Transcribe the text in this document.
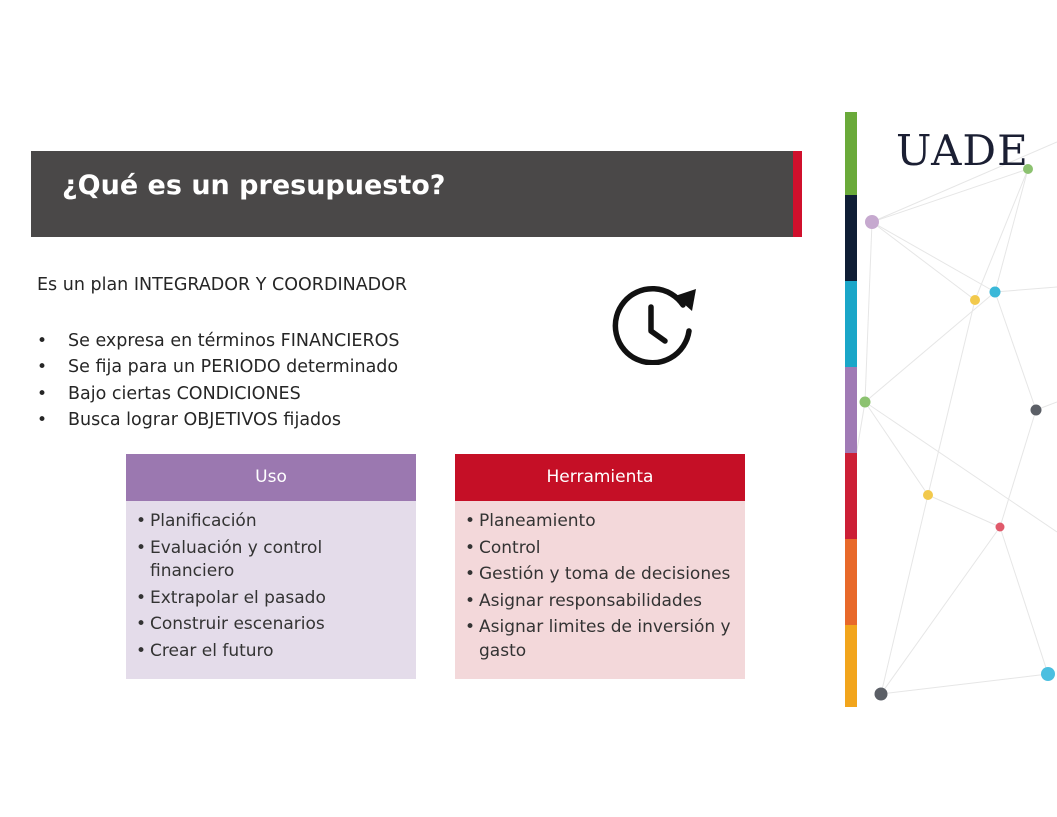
¿Qué es un presupuesto?
Es un plan INTEGRADOR Y COORDINADOR
• Se expresa en términos FINANCIEROS
• Se fija para un PERIODO determinado
• Bajo ciertas CONDICIONES
• Busca lograr OBJETIVOS fijados
Uso
• Planificación
• Evaluación y control financiero
• Extrapolar el pasado
• Construir escenarios
• Crear el futuro
Herramienta
• Planeamiento
• Control
• Gestión y toma de decisiones
• Asignar responsabilidades
• Asignar limites de inversión y gasto
UADE
